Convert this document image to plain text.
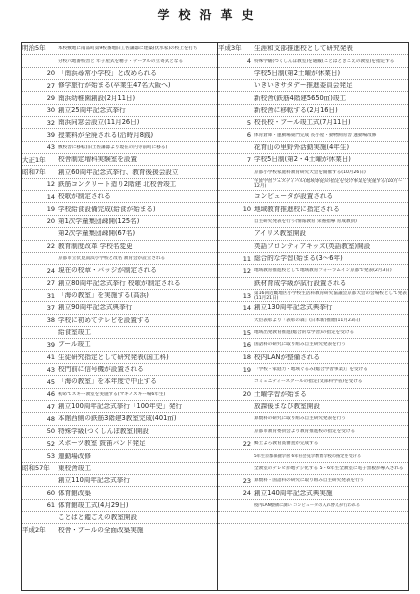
学校沿革史
明治5年	本校敷地に南品町第9校番地旧工佐藩邸に建築(伏水家)の校上を打ち
分校六地番校舎と 年子屋式を精子・テーブルの立寄式となる
20 「南浜尋常小学校」と改められる
27 修学旅行が始まる(卒業生47名大阪へ)
29 南浜幼稚園創設(2月11日)
30 創立25周年記念式挙行
32 南浜同窓会設立(11月26日)
39 授業料が全廃される(沿時月8銭)
43 敷校舎に移転(旧土佐藩邸より現在の円寺前町に移る)
大正1年 校舎制定増科実験室を設置
昭和7年 創立60周年記念式挙行、教育後援会設立
12 鉄筋コンクリート造り2階建 北校舎竣工
14 校歌が制定される
19 学校給食設備完成(給食が始まる)
20 第1次学童集団疎開(125名)
第2次学童集団疎開(67名)
22 教育制度改革 学校名変更
京都市立伏見南浜小学校と改名 教育会が設立される
24 現在の校章・バッジが制定される
27 創立80周年記念式挙行 校歌が制定される
31 「海の教室」を実施する(高浜)
37 創立90周年記念式典挙行
38 学校に初めてテレビを設置する
給食室竣工
39 プール竣工
41 生徒研究指定として研究発表(国工科)
43 校門前に信号機が設置される
45 「海の教室」を本年度で中止する
46 初めてスキー教室を実施する(マキノスキー場6年生)
47 創立100周年記念式挙行「100年史」発行
48 本館西側の鉄筋3階建3教室完成(401㎡)
50 特殊学級(つくしんぼ教室)開設
52 スポーツ教室 鼓笛バンド発足
53 運動場改修
昭和57年 東校舎竣工
創立110周年記念式挙行
60 体育館改築
61 体育館竣工式(4月29日)
ことばと鑑ごえの教室開設
平成2年 校舎・プールの全面改築実施
平成3年 生涯和支部推進校として研究発表
4 特殊学級(つくしんぼ教室)を通級(ことばときこえの教室)を指定する
学校5日制(第2土曜が休業日)
いきいきサタデー推進委員会発足
新校舎(鉄筋4階建5650㎡)竣工
新校舎に移転する(2月16日)
5 校長校・プール竣工式(7月11日)
6 体育倉庫・運動場東門完成 長小屋・動物飼育舎 運動場改修
花育山の里野外活動実施(4年生)
7 学校5日制(第2・4土曜が休業日)
京都小学校家庭科教育研究大会を開催する(10月26日)
生涯学習フェスティバル(地域専従)の指定を受け事業を実施する(10月～12月)
コンピュータが設置される
10 地域教育推進校に指定される
自主研究発表を行う(情報教育 栄養指導 育成教員)
アイリス教室開設
英語フロンティアキッズ(英語教室)開設
11 総合的な学習(始まる(3～6年)
12 地域教育推進校として地域教育フォーラムイン京都で発表(2月3日)
鉄材育成学級が試行設置される
13 第16回近畿地区小学校生活科教育研究協議会京都大会の会場校として発表(11月21日)
14 創立130周年記念式典挙行
大臣表彰より「表彰の森」(日本新)推贈(11月23日)
15 地域出発教育推進(総合的な学習)の指定を受ける
16 国語科の研究に取り組み自主研究発表を行う
18 校内LANが整備される
19 「学校・家庭力・地域ぐるみ(総合学習事業)」を受ける
コミュニティースクールの指定(文部科学省)を受ける
20 土曜学習が始まる
放課後まなび教室開設
算数科の研究に取り組み自主研究発表を行う
京都市教育委員会より教育推進校の指定を受ける
22 郷土よろ教育賞審査が完成する
5年生京都保健学習 6年社会見学教育学校の指定を受ける
全教室のテレビが地デジ化する 5・6年生全教室に電子黒板が導入される
23 算数科・国語科の研究に取り組み自主研究発表を行う
24 創立140周年記念式典実施
校内LAN整備に調い コンピュータの入れ替えが行われる
